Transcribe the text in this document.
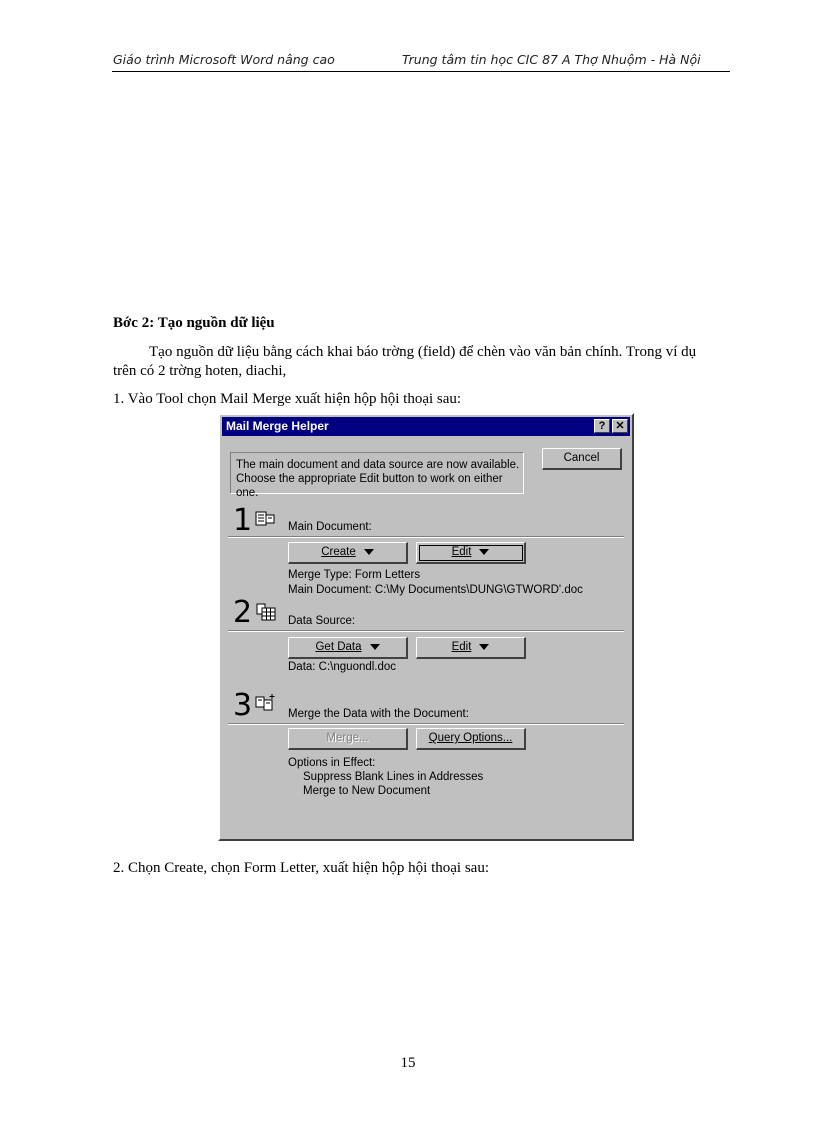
Giáo trình Microsoft Word nâng cao	Trung tâm tin học CIC 87 A Thợ Nhuộm - Hà Nội
Bớc 2: Tạo nguồn dữ liệu
Tạo nguồn dữ liệu bằng cách khai báo trờng (field) để chèn vào văn bản chính. Trong ví dụ
trên có 2 trờng hoten, diachi,
1. Vào Tool chọn Mail Merge xuất hiện hộp hội thoại sau:
Mail Merge Helper	? ✕
The main document and data source are now available.
Choose the appropriate Edit button to work on either one.
Cancel
1	Main Document:
Create	Edit
Merge Type: Form Letters
Main Document: C:\My Documents\DUNG\GTWORD'.doc
2	Data Source:
Get Data	Edit
Data: C:\nguondl.doc
3	Merge the Data with the Document:
Merge...	Query Options...
Options in Effect:
Suppress Blank Lines in Addresses
Merge to New Document
2. Chọn Create, chọn Form Letter, xuất hiện hộp hội thoại sau:
15
